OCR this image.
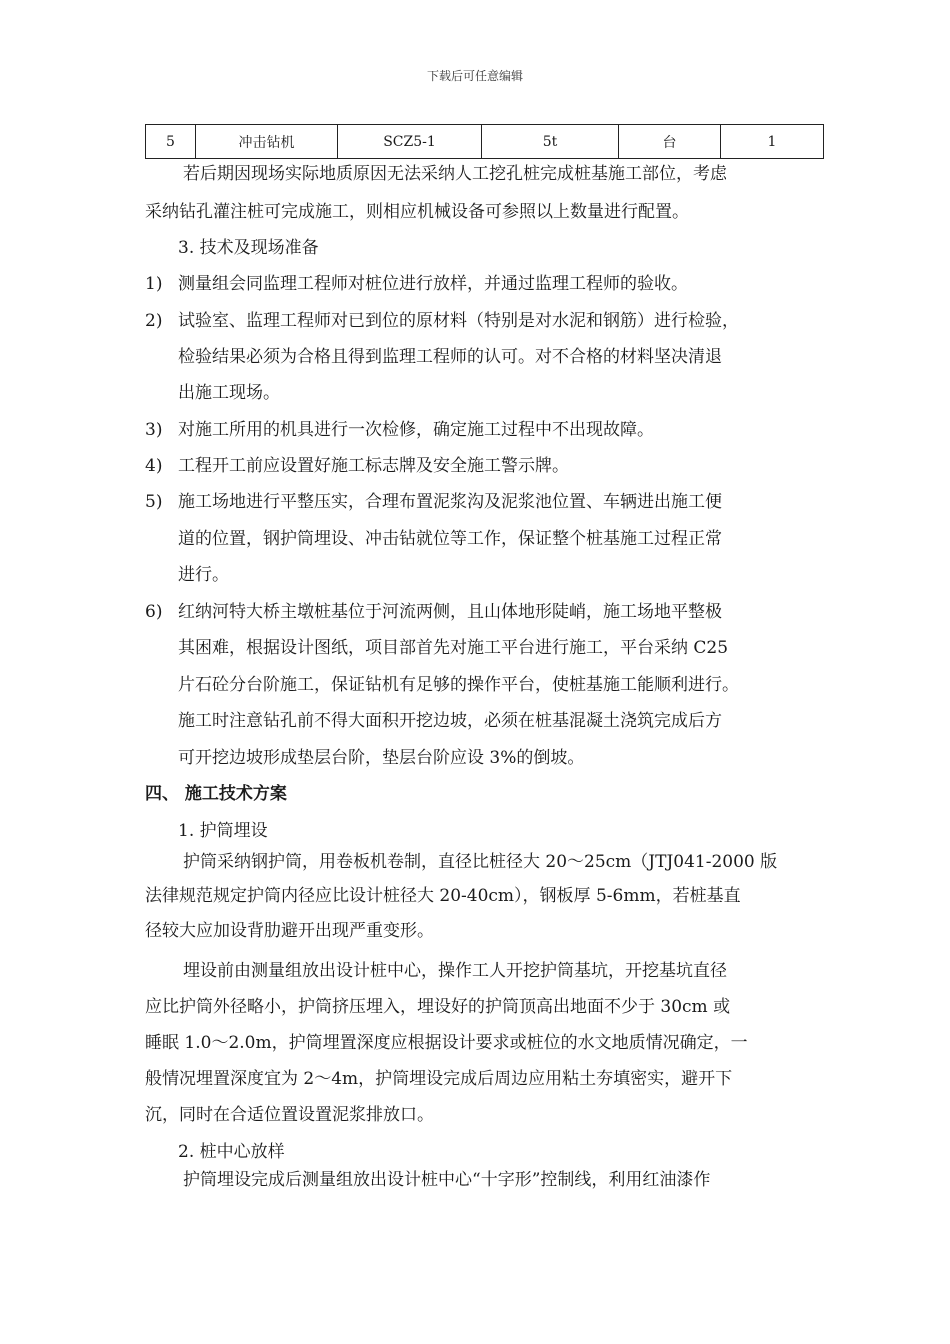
下载后可任意编辑
5	冲击钻机	SCZ5-1	5t	台	1
若后期因现场实际地质原因无法采纳人工挖孔桩完成桩基施工部位，考虑
采纳钻孔灌注桩可完成施工，则相应机械设备可参照以上数量进行配置。
3. 技术及现场准备
1) 测量组会同监理工程师对桩位进行放样，并通过监理工程师的验收。
2) 试验室、监理工程师对已到位的原材料（特别是对水泥和钢筋）进行检验，
检验结果必须为合格且得到监理工程师的认可。对不合格的材料坚决清退
出施工现场。
3) 对施工所用的机具进行一次检修，确定施工过程中不出现故障。
4) 工程开工前应设置好施工标志牌及安全施工警示牌。
5) 施工场地进行平整压实，合理布置泥浆沟及泥浆池位置、车辆进出施工便
道的位置，钢护筒埋设、冲击钻就位等工作，保证整个桩基施工过程正常
进行。
6) 红纳河特大桥主墩桩基位于河流两侧，且山体地形陡峭，施工场地平整极
其困难，根据设计图纸，项目部首先对施工平台进行施工，平台采纳 C25
片石砼分台阶施工，保证钻机有足够的操作平台，使桩基施工能顺利进行。
施工时注意钻孔前不得大面积开挖边坡，必须在桩基混凝土浇筑完成后方
可开挖边坡形成垫层台阶，垫层台阶应设 3%的倒坡。
四、 施工技术方案
1. 护筒埋设
护筒采纳钢护筒，用卷板机卷制，直径比桩径大 20～25cm（JTJ041-2000 版
法律规范规定护筒内径应比设计桩径大 20-40cm），钢板厚 5-6mm，若桩基直
径较大应加设背肋避开出现严重变形。
埋设前由测量组放出设计桩中心，操作工人开挖护筒基坑，开挖基坑直径
应比护筒外径略小，护筒挤压埋入，埋设好的护筒顶高出地面不少于 30cm 或
睡眠 1.0～2.0m，护筒埋置深度应根据设计要求或桩位的水文地质情况确定，一
般情况埋置深度宜为 2～4m，护筒埋设完成后周边应用粘土夯填密实，避开下
沉，同时在合适位置设置泥浆排放口。
2. 桩中心放样
护筒埋设完成后测量组放出设计桩中心“十字形”控制线，利用红油漆作
